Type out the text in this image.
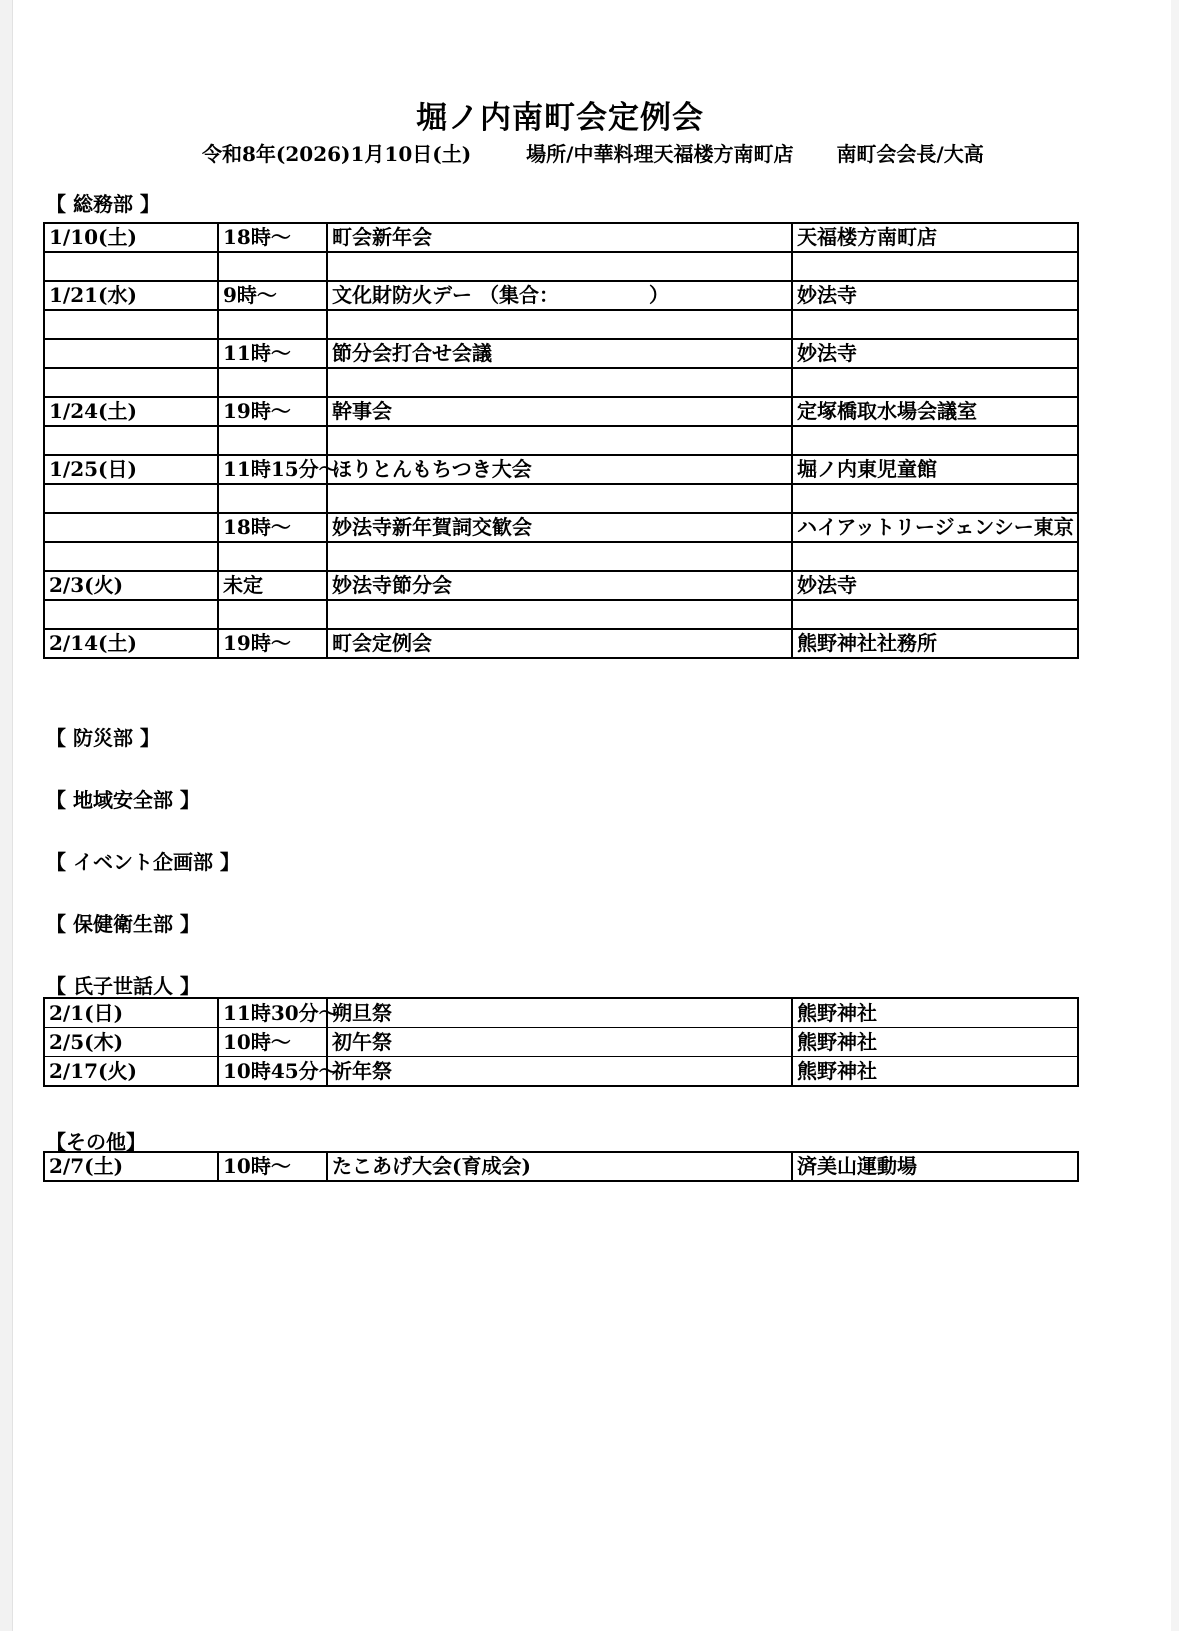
堀ノ内南町会定例会
令和8年(2026)1月10日(土)	場所/中華料理天福楼方南町店 南町会会長/大高
【 総務部 】
1/10(土)	18時～	町会新年会	天福楼方南町店

1/21(水)	9時～	文化財防火デー （集合：　　　　　）	妙法寺

	11時～	節分会打合せ会議	妙法寺

1/24(土)	19時～	幹事会	定塚橋取水場会議室

1/25(日)	11時15分～	ほりとんもちつき大会	堀ノ内東児童館

	18時～	妙法寺新年賀詞交歓会	ハイアットリージェンシー東京

2/3(火)	未定	妙法寺節分会	妙法寺

2/14(土)	19時～	町会定例会	熊野神社社務所
【 防災部 】
【 地域安全部 】
【 イベント企画部 】
【 保健衛生部 】
【 氏子世話人 】
2/1(日)	11時30分～	朔旦祭	熊野神社
2/5(木)	10時～	初午祭	熊野神社
2/17(火)	10時45分～	祈年祭	熊野神社
【その他】
2/7(土)	10時～	たこあげ大会(育成会)	済美山運動場
